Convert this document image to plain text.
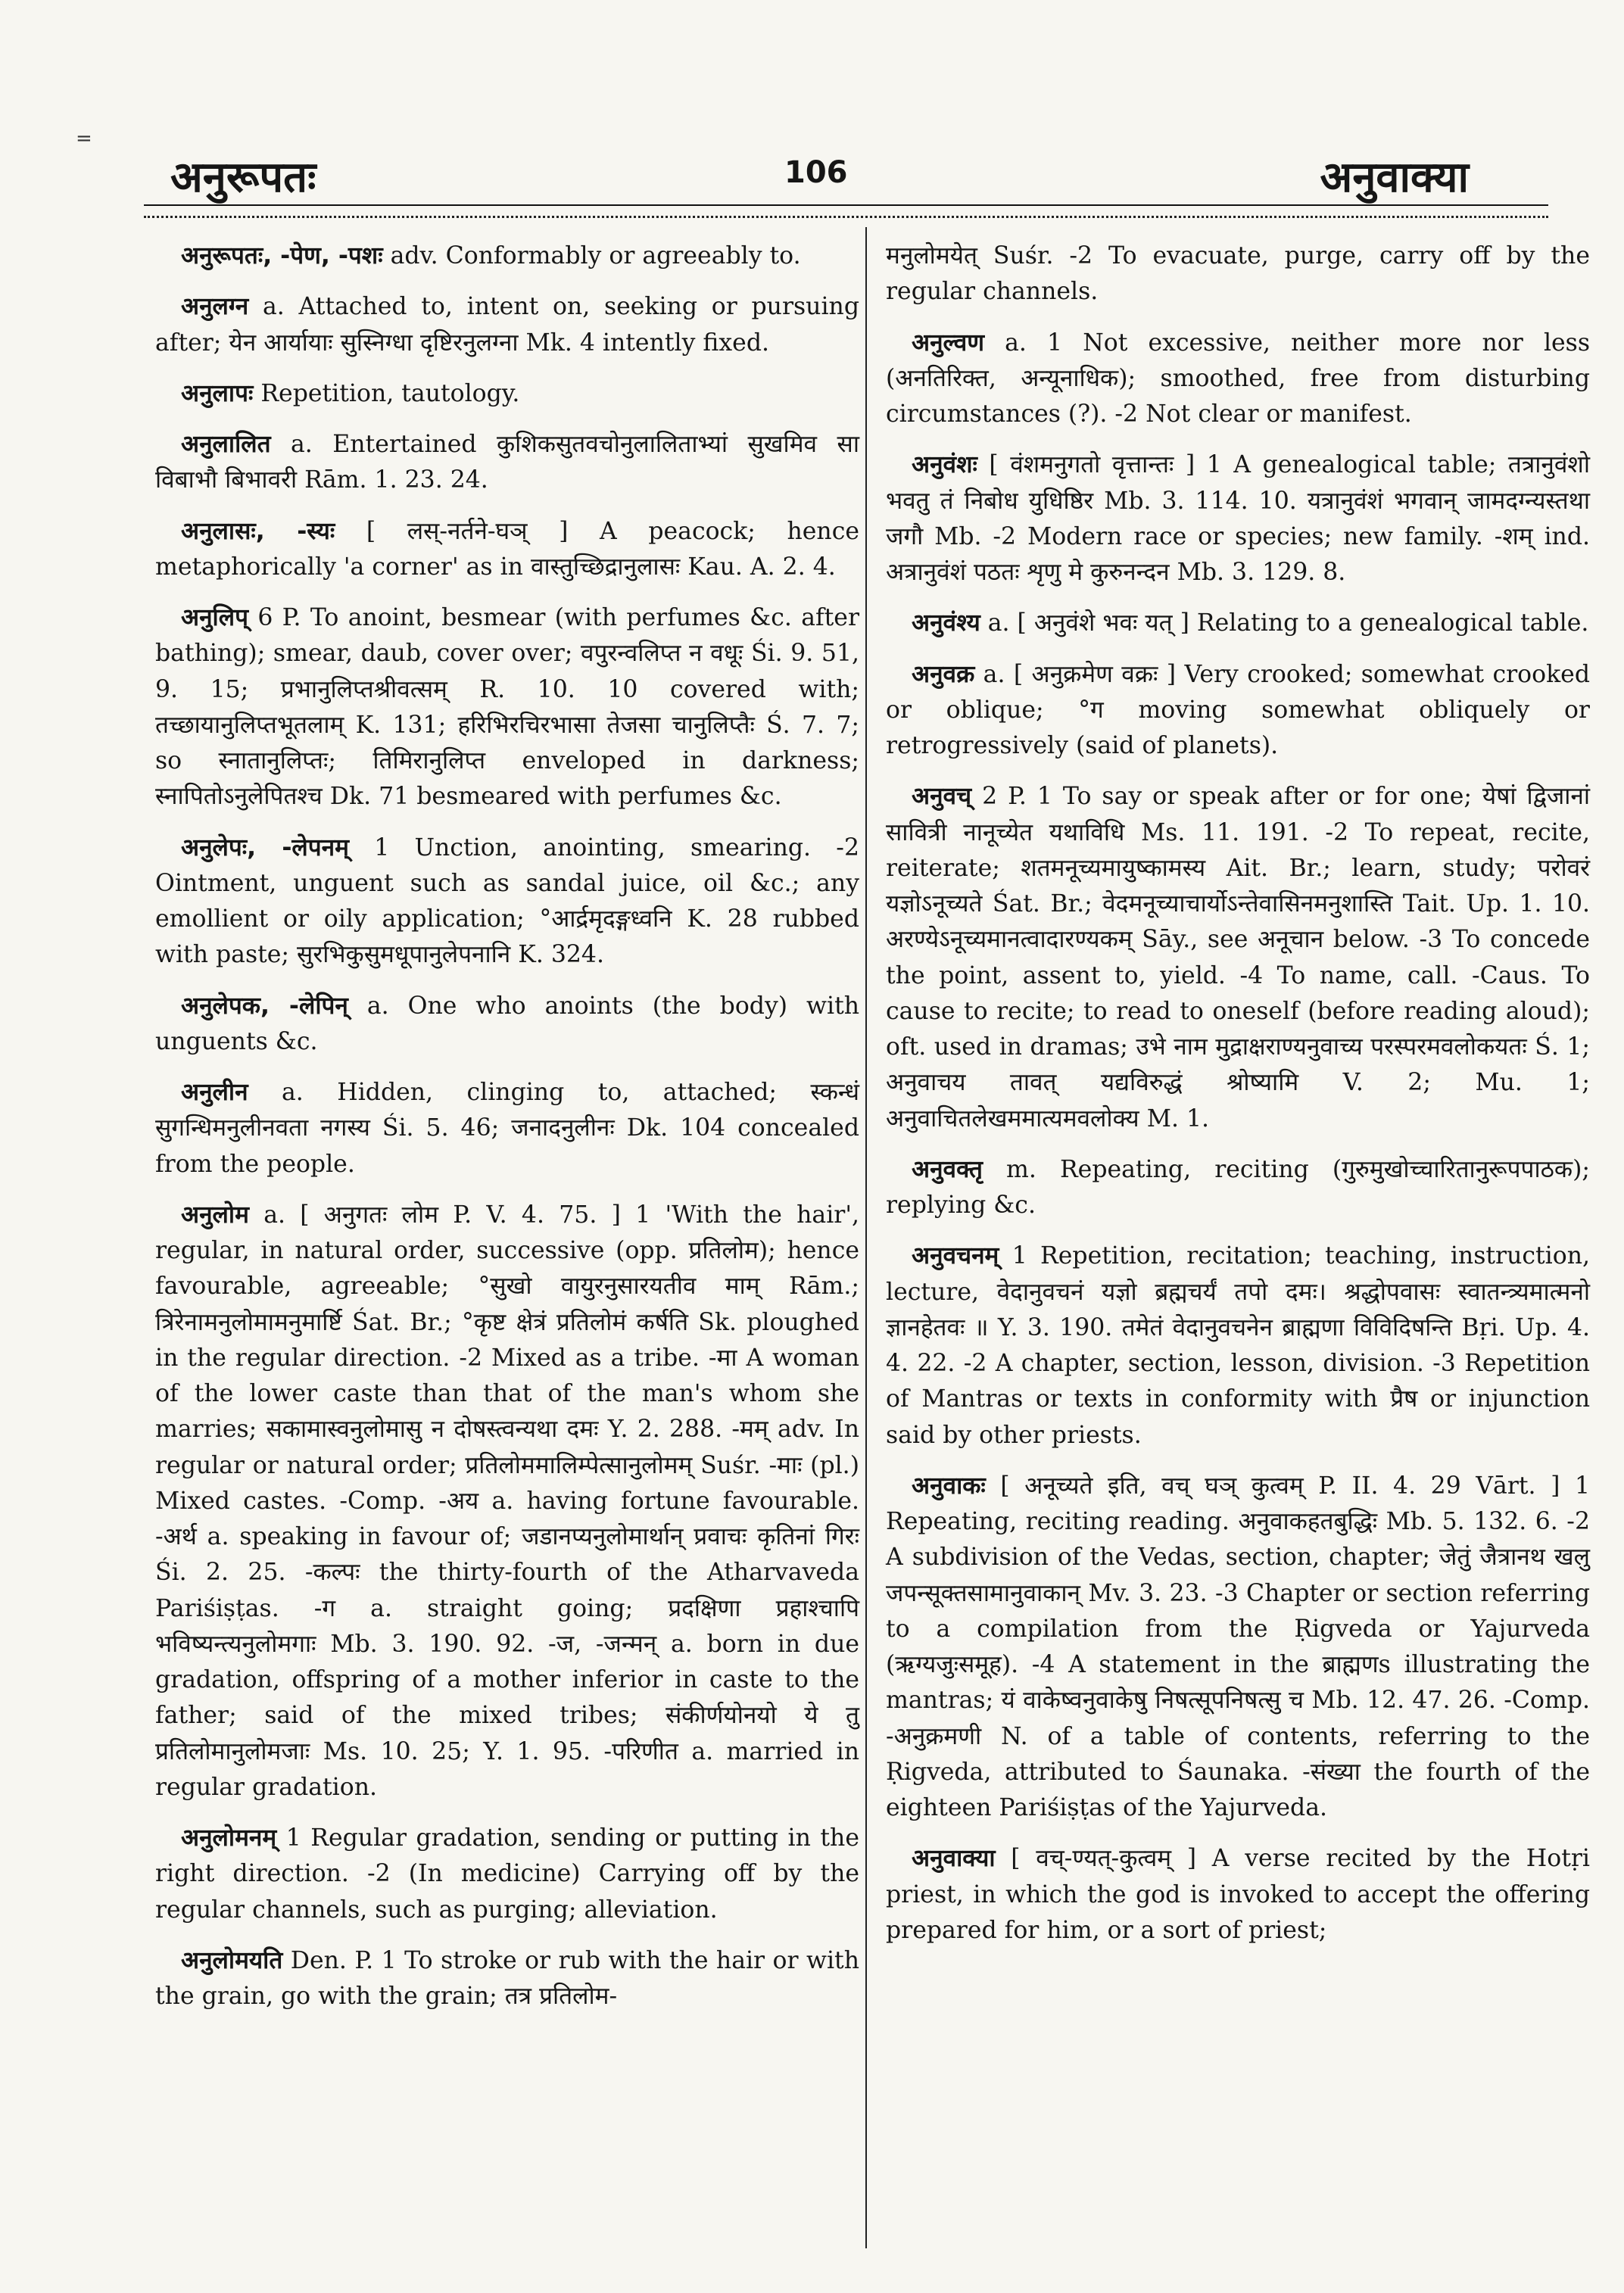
=
अनुरूपतः	106	अनुवाक्या

अनुरूपतः, -पेण, -पशः adv. Conformably or agreeably to.

अनुलग्न a. Attached to, intent on, seeking or pursuing after; येन आर्यायाः सुस्निग्धा दृष्टिरनुलग्ना Mk. 4 intently fixed.

अनुलापः Repetition, tautology.

अनुलालित a. Entertained कुशिकसुतवचोनुलालिताभ्यां सुखमिव सा विबाभौ बिभावरी Rām. 1. 23. 24.

अनुलासः, -स्यः [ लस्-नर्तने-घञ् ] A peacock; hence metaphorically 'a corner' as in वास्तुच्छिद्रानुलासः Kau. A. 2. 4.

अनुलिप् 6 P. To anoint, besmear (with perfumes &c. after bathing); smear, daub, cover over; वपुरन्वलिप्त न वधूः Śi. 9. 51, 9. 15; प्रभानुलिप्तश्रीवत्सम् R. 10. 10 covered with; तच्छायानुलिप्तभूतलाम् K. 131; हरिभिरचिरभासा तेजसा चानुलिप्तैः Ś. 7. 7; so स्नातानुलिप्तः; तिमिरानुलिप्त enveloped in darkness; स्नापितोऽनुलेपितश्च Dk. 71 besmeared with perfumes &c.

अनुलेपः, -लेपनम् 1 Unction, anointing, smearing. -2 Ointment, unguent such as sandal juice, oil &c.; any emollient or oily application; °आर्द्रमृदङ्गध्वनि K. 28 rubbed with paste; सुरभिकुसुमधूपानुलेपनानि K. 324.

अनुलेपक, -लेपिन् a. One who anoints (the body) with unguents &c.

अनुलीन a. Hidden, clinging to, attached; स्कन्धं सुगन्धिमनुलीनवता नगस्य Śi. 5. 46; जनादनुलीनः Dk. 104 concealed from the people.

अनुलोम a. [ अनुगतः लोम P. V. 4. 75. ] 1 'With the hair', regular, in natural order, successive (opp. प्रतिलोम); hence favourable, agreeable; °सुखो वायुरनुसारयतीव माम् Rām.; त्रिरेनामनुलोमामनुमार्ष्टि Śat. Br.; °कृष्ट क्षेत्रं प्रतिलोमं कर्षति Sk. ploughed in the regular direction. -2 Mixed as a tribe. -मा A woman of the lower caste than that of the man's whom she marries; सकामास्वनुलोमासु न दोषस्त्वन्यथा दमः Y. 2. 288. -मम् adv. In regular or natural order; प्रतिलोममालिम्पेत्सानुलोमम् Suśr. -माः (pl.) Mixed castes. -Comp. -अय a. having fortune favourable. -अर्थ a. speaking in favour of; जडानप्यनुलोमार्थान् प्रवाचः कृतिनां गिरः Śi. 2. 25. -कल्पः the thirty-fourth of the Atharvaveda Pariśiṣṭas. -ग a. straight going; प्रदक्षिणा प्रहाश्चापि भविष्यन्त्यनुलोमगाः Mb. 3. 190. 92. -ज, -जन्मन् a. born in due gradation, offspring of a mother inferior in caste to the father; said of the mixed tribes; संकीर्णयोनयो ये तु प्रतिलोमानुलोमजाः Ms. 10. 25; Y. 1. 95. -परिणीत a. married in regular gradation.

अनुलोमनम् 1 Regular gradation, sending or putting in the right direction. -2 (In medicine) Carrying off by the regular channels, such as purging; alleviation.

अनुलोमयति Den. P. 1 To stroke or rub with the hair or with the grain, go with the grain; तत्र प्रतिलोम-

मनुलोमयेत् Suśr. -2 To evacuate, purge, carry off by the regular channels.

अनुल्वण a. 1 Not excessive, neither more nor less (अनतिरिक्त, अन्यूनाधिक); smoothed, free from disturbing circumstances (?). -2 Not clear or manifest.

अनुवंशः [ वंशमनुगतो वृत्तान्तः ] 1 A genealogical table; तत्रानुवंशो भवतु तं निबोध युधिष्ठिर Mb. 3. 114. 10. यत्रानुवंशं भगवान् जामदग्न्यस्तथा जगौ Mb. -2 Modern race or species; new family. -शम् ind. अत्रानुवंशं पठतः शृणु मे कुरुनन्दन Mb. 3. 129. 8.

अनुवंश्य a. [ अनुवंशे भवः यत् ] Relating to a genealogical table.

अनुवक्र a. [ अनुक्रमेण वक्रः ] Very crooked; somewhat crooked or oblique; °ग moving somewhat obliquely or retrogressively (said of planets).

अनुवच् 2 P. 1 To say or speak after or for one; येषां द्विजानां सावित्री नानूच्येत यथाविधि Ms. 11. 191. -2 To repeat, recite, reiterate; शतमनूच्यमायुष्कामस्य Ait. Br.; learn, study; परोवरं यज्ञोऽनूच्यते Śat. Br.; वेदमनूच्याचार्योऽन्तेवासिनमनुशास्ति Tait. Up. 1. 10. अरण्येऽनूच्यमानत्वादारण्यकम् Sāy., see अनूचान below. -3 To concede the point, assent to, yield. -4 To name, call. -Caus. To cause to recite; to read to oneself (before reading aloud); oft. used in dramas; उभे नाम मुद्राक्षराण्यनुवाच्य परस्परमवलोकयतः Ś. 1; अनुवाचय तावत् यद्यविरुद्धं श्रोष्यामि V. 2; Mu. 1; अनुवाचितलेखममात्यमवलोक्य M. 1.

अनुवक्तृ m. Repeating, reciting (गुरुमुखोच्चारितानुरूपपाठक); replying &c.

अनुवचनम् 1 Repetition, recitation; teaching, instruction, lecture, वेदानुवचनं यज्ञो ब्रह्मचर्यं तपो दमः। श्रद्धोपवासः स्वातन्त्र्यमात्मनो ज्ञानहेतवः ॥ Y. 3. 190. तमेतं वेदानुवचनेन ब्राह्मणा विविदिषन्ति Bṛi. Up. 4. 4. 22. -2 A chapter, section, lesson, division. -3 Repetition of Mantras or texts in conformity with प्रैष or injunction said by other priests.

अनुवाकः [ अनूच्यते इति, वच् घञ् कुत्वम् P. II. 4. 29 Vārt. ] 1 Repeating, reciting reading. अनुवाकहतबुद्धिः Mb. 5. 132. 6. -2 A subdivision of the Vedas, section, chapter; जेतुं जैत्रानथ खलु जपन्सूक्तसामानुवाकान् Mv. 3. 23. -3 Chapter or section referring to a compilation from the Ṛigveda or Yajurveda (ऋग्यजुःसमूह). -4 A statement in the ब्राह्मणs illustrating the mantras; यं वाकेष्वनुवाकेषु निषत्सूपनिषत्सु च Mb. 12. 47. 26. -Comp. -अनुक्रमणी N. of a table of contents, referring to the Ṛigveda, attributed to Śaunaka. -संख्या the fourth of the eighteen Pariśiṣṭas of the Yajurveda.

अनुवाक्या [ वच्-ण्यत्-कुत्वम् ] A verse recited by the Hotṛi priest, in which the god is invoked to accept the offering prepared for him, or a sort of priest;
